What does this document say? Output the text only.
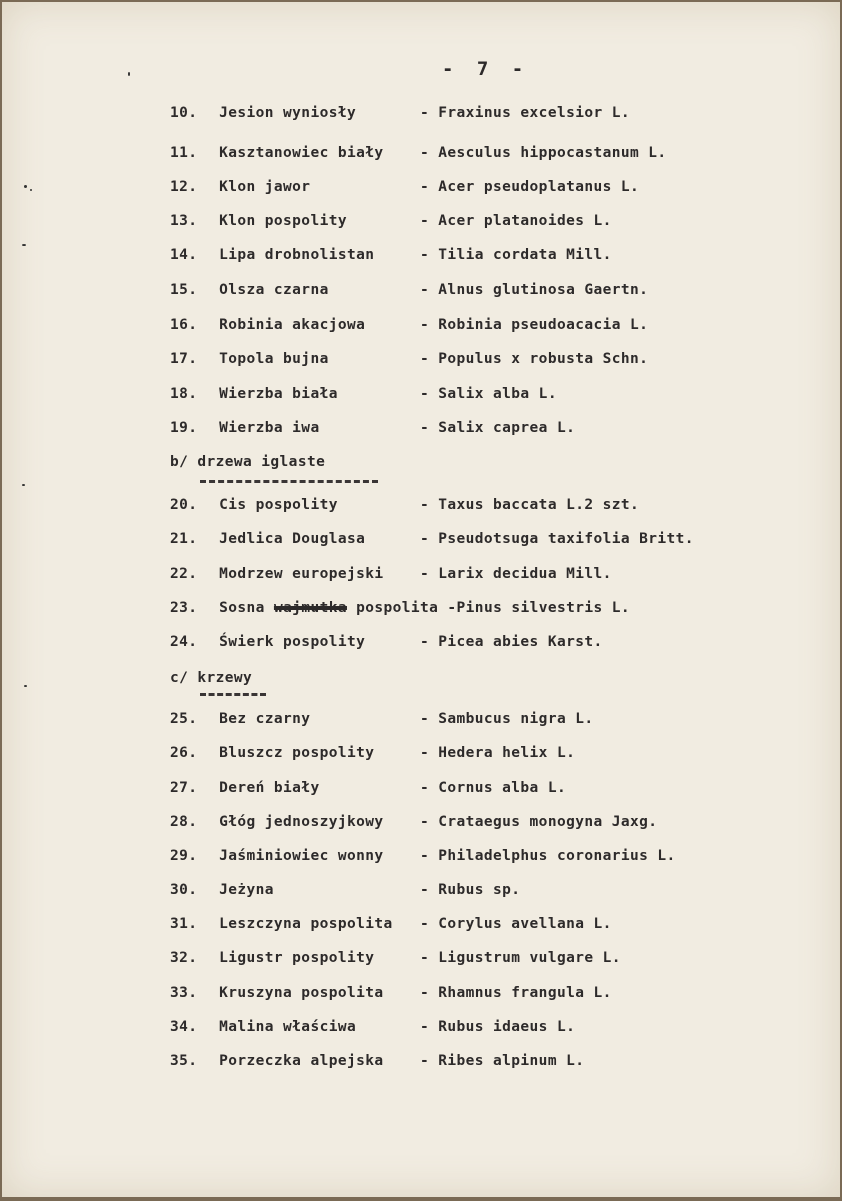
- 7 -
10. Jesion wyniosły	- Fraxinus excelsior L.
11. Kasztanowiec biały	- Aesculus hippocastanum L.
12. Klon jawor	- Acer pseudoplatanus L.
13. Klon pospolity	- Acer platanoides L.
14. Lipa drobnolistan	- Tilia cordata Mill.
15. Olsza czarna	- Alnus glutinosa Gaertn.
16. Robinia akacjowa	- Robinia pseudoacacia L.
17. Topola bujna	- Populus x robusta Schn.
18. Wierzba biała	- Salix alba L.
19. Wierzba iwa	- Salix caprea L.
b/ drzewa iglaste
20. Cis pospolity	- Taxus baccata L.2 szt.
21. Jedlica Douglasa	- Pseudotsuga taxifolia Britt.
22. Modrzew europejski	- Larix decidua Mill.
23. Sosna wajmutka pospolita -Pinus silvestris L.
24. Świerk pospolity	- Picea abies Karst.
c/ krzewy
25. Bez czarny	- Sambucus nigra L.
26. Bluszcz pospolity	- Hedera helix L.
27. Dereń biały	- Cornus alba L.
28. Głóg jednoszyjkowy	- Crataegus monogyna Jaxg.
29. Jaśminiowiec wonny	- Philadelphus coronarius L.
30. Jeżyna	- Rubus sp.
31. Leszczyna pospolita - Corylus avellana L.
32. Ligustr pospolity	- Ligustrum vulgare L.
33. Kruszyna pospolita	- Rhamnus frangula L.
34. Malina właściwa	- Rubus idaeus L.
35. Porzeczka alpejska	- Ribes alpinum L.
